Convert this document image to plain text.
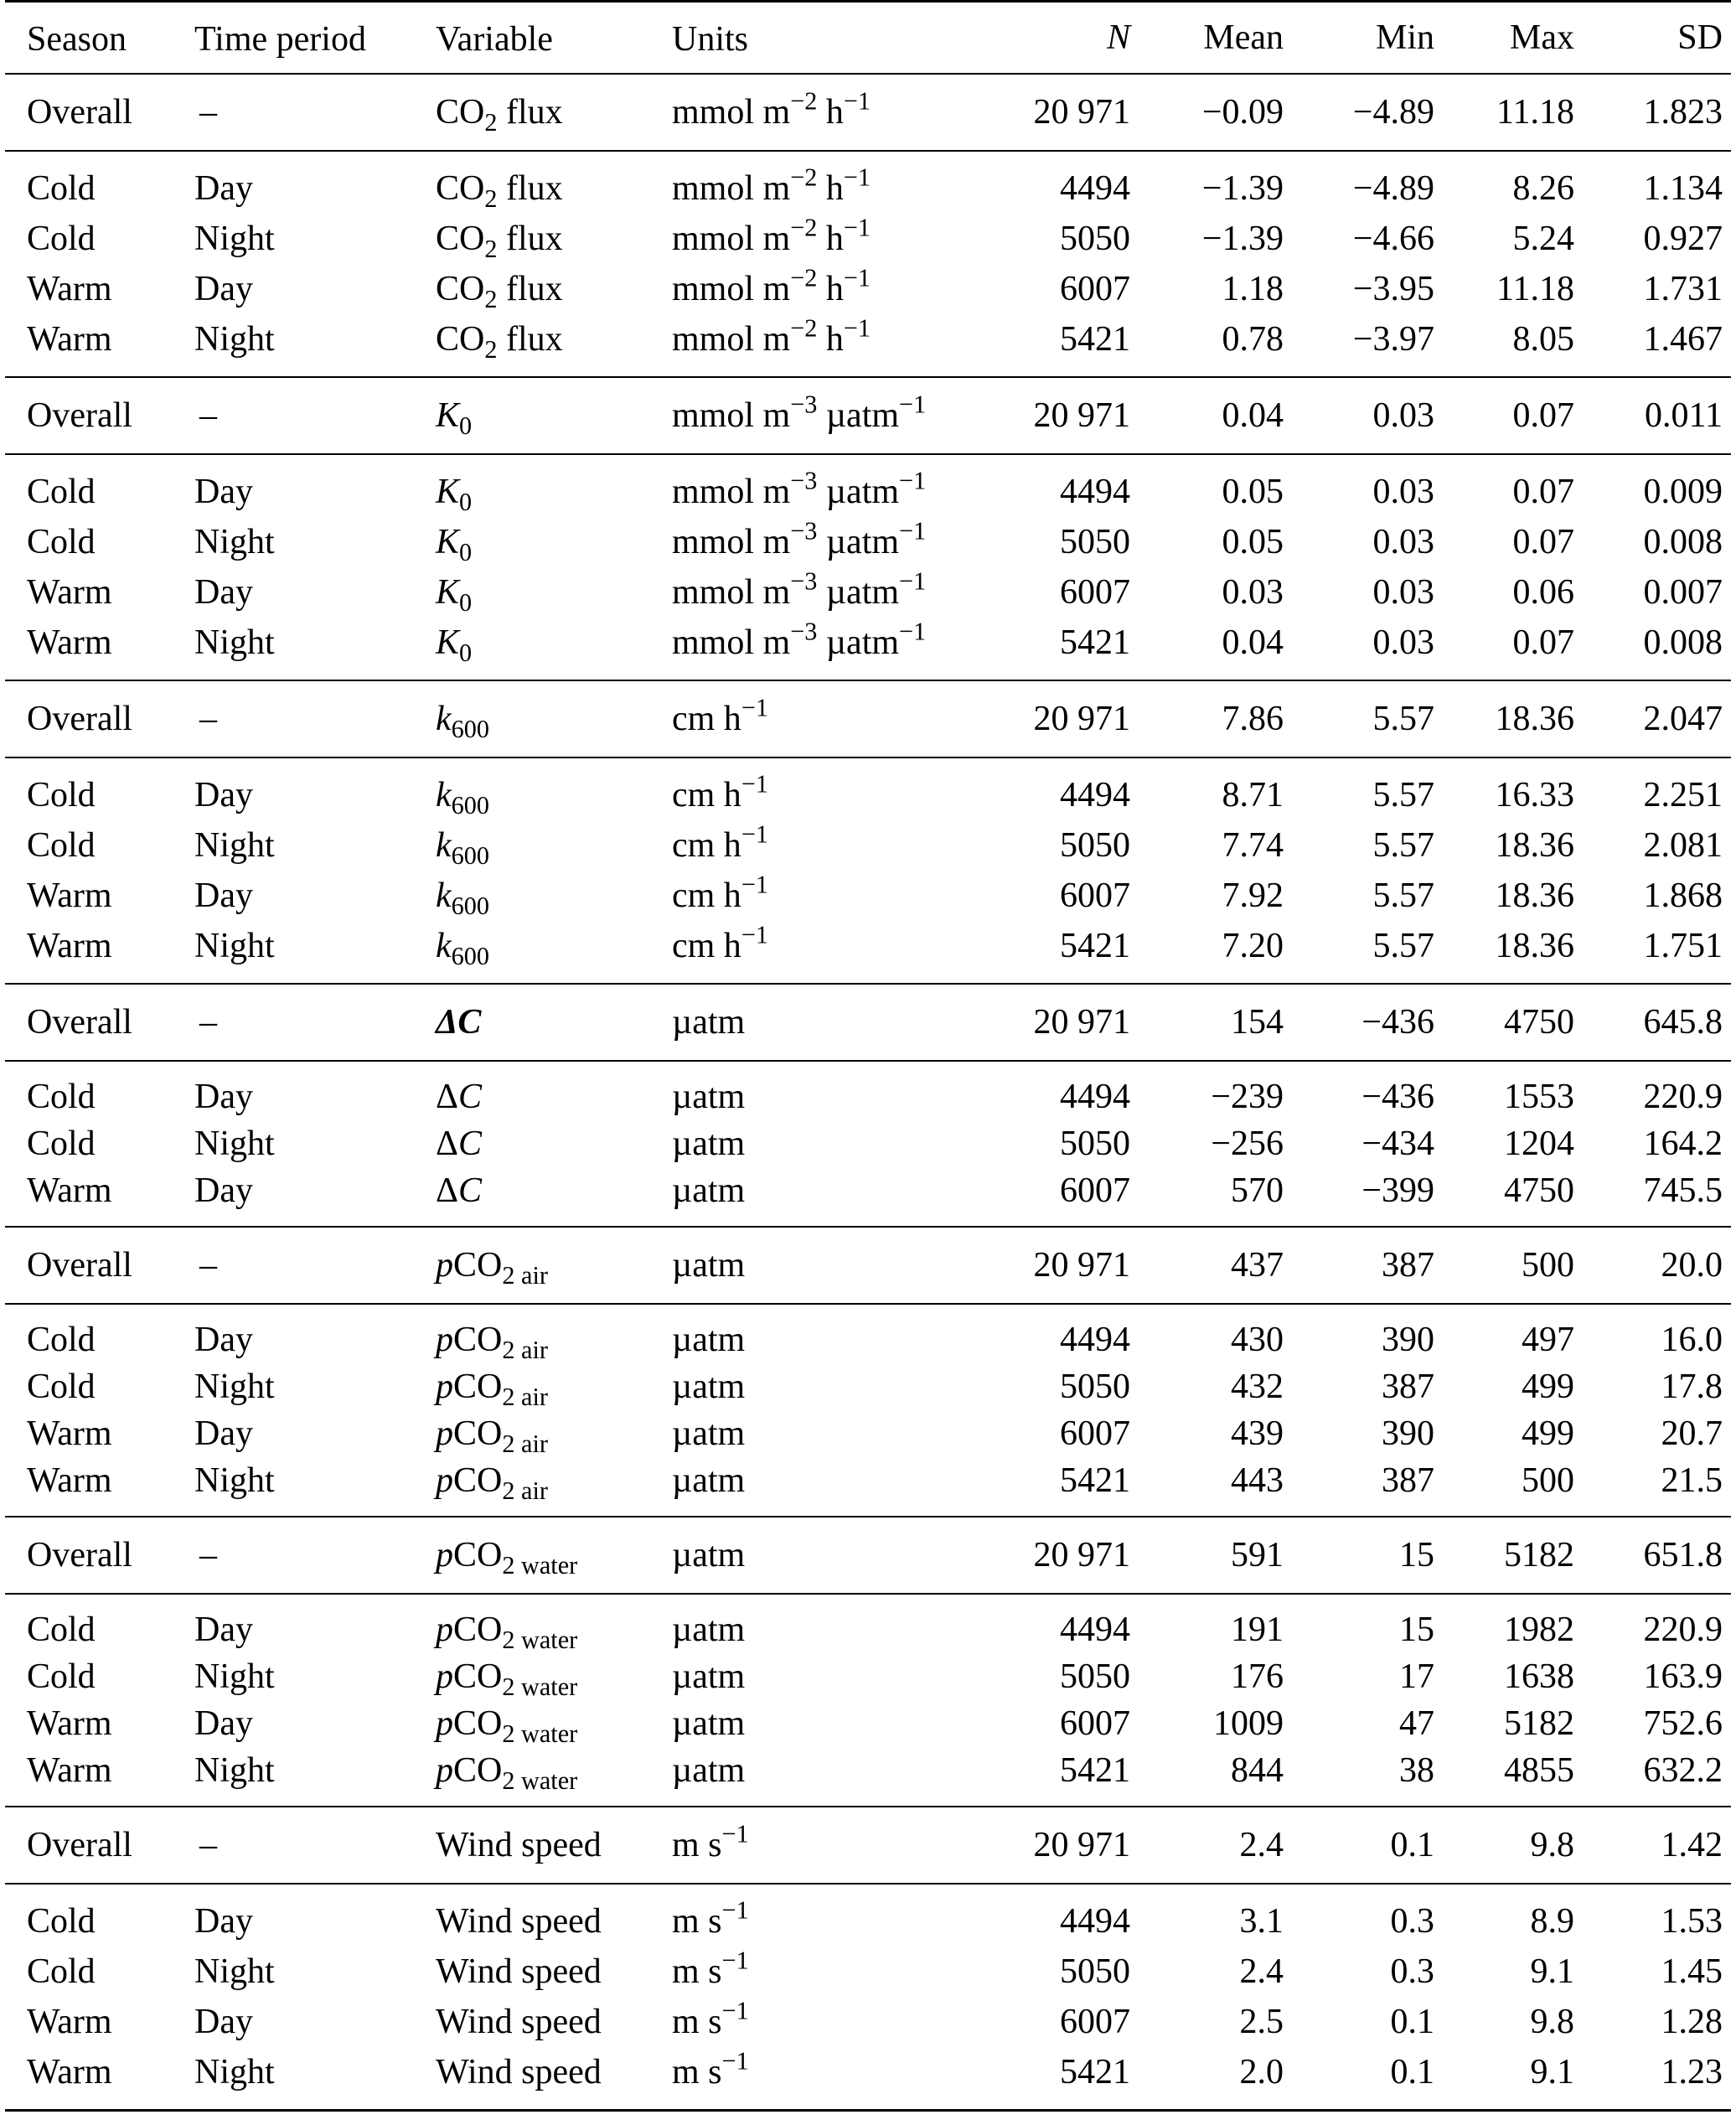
Season	Time period	Variable	Units	N	Mean	Min	Max	SD
Overall	–	$CO_2$ flux	mmol $m^{-2}$ $h^{-1}$	20 971	−0.09	−4.89	11.18	1.823
Cold	Day	$CO_2$ flux	mmol $m^{-2}$ $h^{-1}$	4494	−1.39	−4.89	8.26	1.134
Cold	Night	$CO_2$ flux	mmol $m^{-2}$ $h^{-1}$	5050	−1.39	−4.66	5.24	0.927
Warm	Day	$CO_2$ flux	mmol $m^{-2}$ $h^{-1}$	6007	1.18	−3.95	11.18	1.731
Warm	Night	$CO_2$ flux	mmol $m^{-2}$ $h^{-1}$	5421	0.78	−3.97	8.05	1.467
Overall	–	$K_0$	mmol $m^{-3}$ µatm$^{-1}$	20 971	0.04	0.03	0.07	0.011
Cold	Day	$K_0$	mmol $m^{-3}$ µatm$^{-1}$	4494	0.05	0.03	0.07	0.009
Cold	Night	$K_0$	mmol $m^{-3}$ µatm$^{-1}$	5050	0.05	0.03	0.07	0.008
Warm	Day	$K_0$	mmol $m^{-3}$ µatm$^{-1}$	6007	0.03	0.03	0.06	0.007
Warm	Night	$K_0$	mmol $m^{-3}$ µatm$^{-1}$	5421	0.04	0.03	0.07	0.008
Overall	–	$k_{600}$	cm $h^{-1}$	20 971	7.86	5.57	18.36	2.047
Cold	Day	$k_{600}$	cm $h^{-1}$	4494	8.71	5.57	16.33	2.251
Cold	Night	$k_{600}$	cm $h^{-1}$	5050	7.74	5.57	18.36	2.081
Warm	Day	$k_{600}$	cm $h^{-1}$	6007	7.92	5.57	18.36	1.868
Warm	Night	$k_{600}$	cm $h^{-1}$	5421	7.20	5.57	18.36	1.751
Overall	–	ΔC	µatm	20 971	154	−436	4750	645.8
Cold	Day	ΔC	µatm	4494	−239	−436	1553	220.9
Cold	Night	ΔC	µatm	5050	−256	−434	1204	164.2
Warm	Day	ΔC	µatm	6007	570	−399	4750	745.5
Overall	–	pCO$_{2 air}$	µatm	20 971	437	387	500	20.0
Cold	Day	pCO$_{2 air}$	µatm	4494	430	390	497	16.0
Cold	Night	pCO$_{2 air}$	µatm	5050	432	387	499	17.8
Warm	Day	pCO$_{2 air}$	µatm	6007	439	390	499	20.7
Warm	Night	pCO$_{2 air}$	µatm	5421	443	387	500	21.5
Overall	–	pCO$_{2 water}$	µatm	20 971	591	15	5182	651.8
Cold	Day	pCO$_{2 water}$	µatm	4494	191	15	1982	220.9
Cold	Night	pCO$_{2 water}$	µatm	5050	176	17	1638	163.9
Warm	Day	pCO$_{2 water}$	µatm	6007	1009	47	5182	752.6
Warm	Night	pCO$_{2 water}$	µatm	5421	844	38	4855	632.2
Overall	–	Wind speed	m $s^{-1}$	20 971	2.4	0.1	9.8	1.42
Cold	Day	Wind speed	m $s^{-1}$	4494	3.1	0.3	8.9	1.53
Cold	Night	Wind speed	m $s^{-1}$	5050	2.4	0.3	9.1	1.45
Warm	Day	Wind speed	m $s^{-1}$	6007	2.5	0.1	9.8	1.28
Warm	Night	Wind speed	m $s^{-1}$	5421	2.0	0.1	9.1	1.23
